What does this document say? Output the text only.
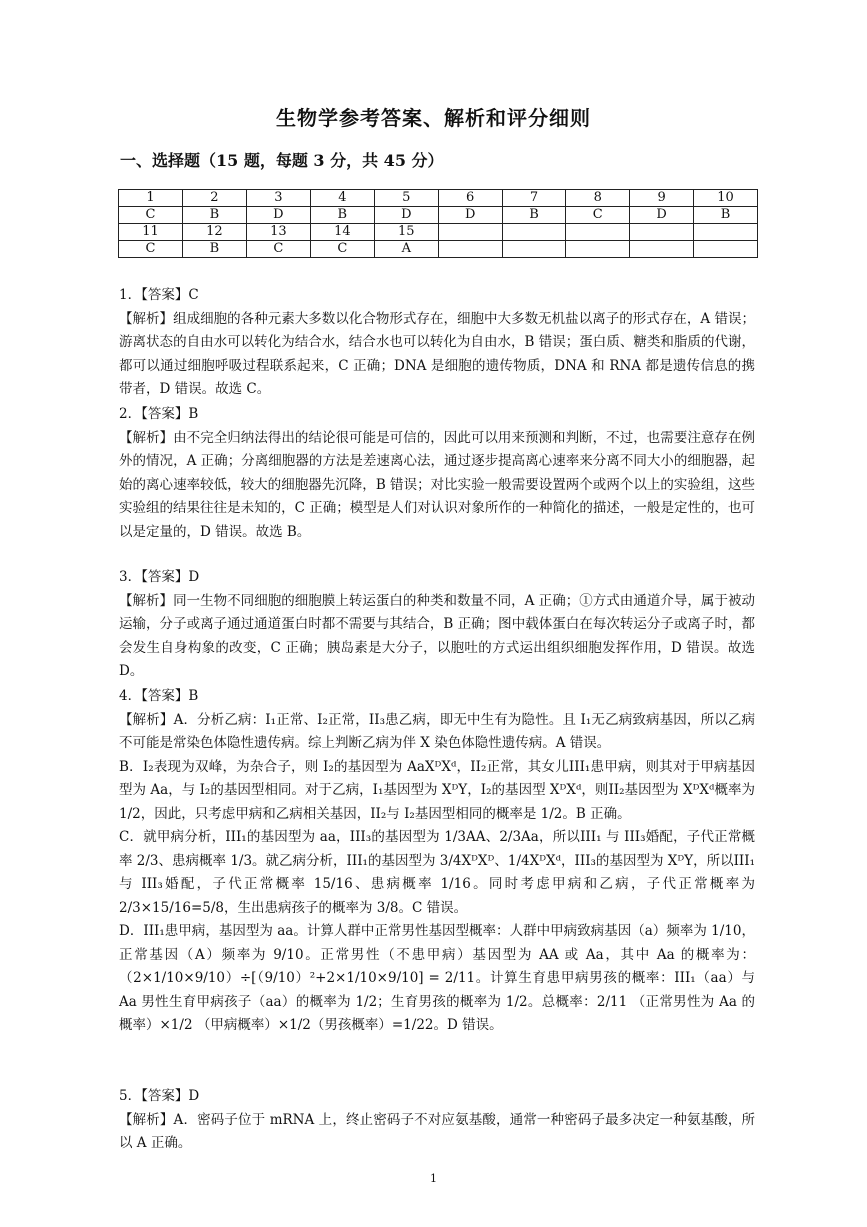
生物学参考答案、解析和评分细则
一、选择题（15 题，每题 3 分，共 45 分）
1	2	3	4	5	6	7	8	9	10
C	B	D	B	D	D	B	C	D	B
11	12	13	14	15					
C	B	C	C	A					

1．【答案】C

【解析】组成细胞的各种元素大多数以化合物形式存在，细胞中大多数无机盐以离子的形式存在，A 错误；游离状态的自由水可以转化为结合水，结合水也可以转化为自由水，B 错误；蛋白质、糖类和脂质的代谢，都可以通过细胞呼吸过程联系起来，C 正确；DNA 是细胞的遗传物质，DNA 和 RNA 都是遗传信息的携带者，D 错误。故选 C。

2．【答案】B

【解析】由不完全归纳法得出的结论很可能是可信的，因此可以用来预测和判断，不过，也需要注意存在例外的情况，A 正确；分离细胞器的方法是差速离心法，通过逐步提高离心速率来分离不同大小的细胞器，起始的离心速率较低，较大的细胞器先沉降，B 错误；对比实验一般需要设置两个或两个以上的实验组，这些实验组的结果往往是未知的，C 正确；模型是人们对认识对象所作的一种简化的描述，一般是定性的，也可以是定量的，D 错误。故选 B。

3．【答案】D

【解析】同一生物不同细胞的细胞膜上转运蛋白的种类和数量不同，A 正确；①方式由通道介导，属于被动运输，分子或离子通过通道蛋白时都不需要与其结合，B 正确；图中载体蛋白在每次转运分子或离子时，都会发生自身构象的改变，C 正确；胰岛素是大分子，以胞吐的方式运出组织细胞发挥作用，D 错误。故选 D。

4．【答案】B

【解析】A．分析乙病：I₁正常、I₂正常，II₃患乙病，即无中生有为隐性。且 I₁无乙病致病基因，所以乙病不可能是常染色体隐性遗传病。综上判断乙病为伴 X 染色体隐性遗传病。A 错误。

B．I₂表现为双峰，为杂合子，则 I₂的基因型为 AaXᴰXᵈ，II₂正常，其女儿III₁患甲病，则其对于甲病基因型为 Aa，与 I₂的基因型相同。对于乙病，I₁基因型为 XᴰY，I₂的基因型 XᴰXᵈ，则II₂基因型为 XᴰXᵈ概率为 1/2，因此，只考虑甲病和乙病相关基因，II₂与 I₂基因型相同的概率是 1/2。B 正确。

C．就甲病分析，III₁的基因型为 aa，III₃的基因型为 1/3AA、2/3Aa，所以III₁ 与 III₃婚配，子代正常概率 2/3、患病概率 1/3。就乙病分析，III₁的基因型为 3/4XᴰXᴰ、1/4XᴰXᵈ，III₃的基因型为 XᴰY，所以III₁ 与 III₃婚配，子代正常概率 15/16、患病概率 1/16。同时考虑甲病和乙病，子代正常概率为 2/3×15/16=5/8，生出患病孩子的概率为 3/8。C 错误。

D．III₁患甲病，基因型为 aa。计算人群中正常男性基因型概率：人群中甲病致病基因（a）频率为 1/10，正常基因（A）频率为 9/10。正常男性（不患甲病）基因型为 AA 或 Aa，其中 Aa 的概率为：（2×1/10×9/10）÷[（9/10）²+2×1/10×9/10] = 2/11。计算生育患甲病男孩的概率：III₁（aa）与 Aa 男性生育甲病孩子（aa）的概率为 1/2；生育男孩的概率为 1/2。总概率：2/11 （正常男性为 Aa 的概率）×1/2 （甲病概率）×1/2（男孩概率）=1/22。D 错误。

5．【答案】D

【解析】A．密码子位于 mRNA 上，终止密码子不对应氨基酸，通常一种密码子最多决定一种氨基酸，所以 A 正确。

1
